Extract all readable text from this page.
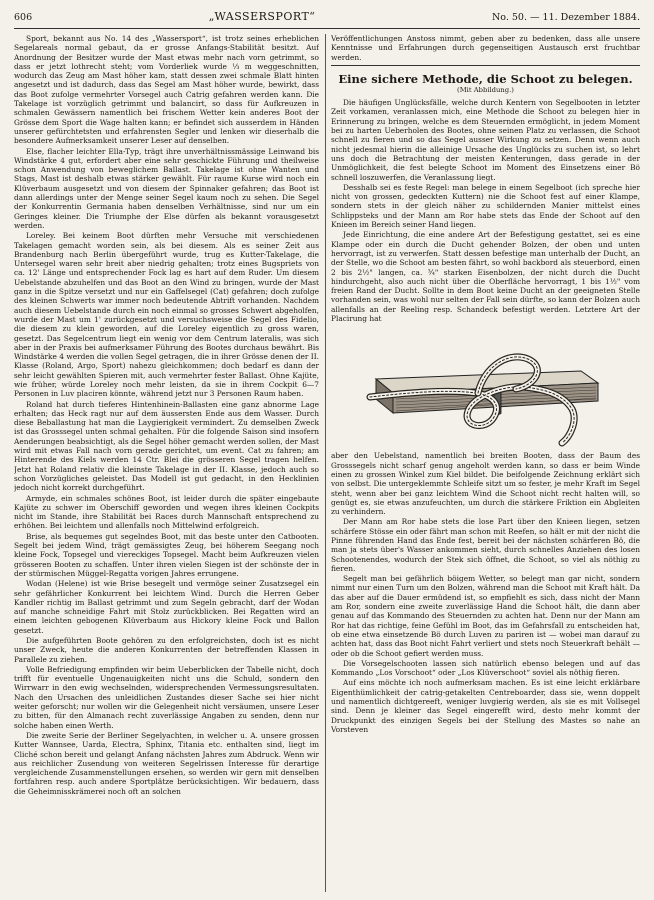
606	„WASSERSPORT“	No. 50. — 11. Dezember 1884.

Sport, bekannt aus No. 14 des „Wassersport“, ist trotz seines erheblichen Segelareals normal gebaut, da er grosse Anfangs-Stabilität besitzt. Auf Anordnung der Besitzer wurde der Mast etwas mehr nach vorn getrimmt, so dass er jetzt lothrecht steht; vom Vorderliek wurde ⅓ m weggeschnitten, wodurch das Zeug am Mast höher kam, statt dessen zwei schmale Blatt hinten angesetzt und ist dadurch, dass das Segel am Mast höher wurde, bewirkt, dass das Boot zufolge vermehrter Vorsegel auch Catrig gefahren werden kann. Die Takelage ist vorzüglich getrimmt und balancirt, so dass für Aufkreuzen in schmalen Gewässern namentlich bei frischem Wetter kein anderes Boot der Grösse dem Sport die Wage halten kann; er befindet sich ausserdem in Händen unserer gefürchtetsten und erfahrensten Segler und lenken wir dieserhalb die besondere Aufmerksamkeit unserer Leser auf denselben.

Else, flacher leichter Ella-Typ, trägt ihre unverhältnissmässige Leinwand bis Windstärke 4 gut, erfordert aber eine sehr geschickte Führung und theilweise schon Anwendung von beweglichem Ballast. Takelage ist ohne Wanten und Stags, Mast ist deshalb etwas stärker gewählt. Für raume Kurse wird noch ein Klüverbaum ausgesetzt und von diesem der Spinnaker gefahren; das Boot ist dann allerdings unter der Menge seiner Segel kaum noch zu sehen. Die Segel der Konkurrentin Germania haben denselben Verhältnisse, sind nur um ein Geringes kleiner. Die Triumphe der Else dürfen als bekannt vorausgesetzt werden.

Loreley. Bei keinem Boot dürften mehr Versuche mit verschiedenen Takelagen gemacht worden sein, als bei diesem. Als es seiner Zeit aus Brandenburg nach Berlin übergeführt wurde, trug es Kutter-Takelage, die Untersegel waren sehr breit aber niedrig gehalten; trotz eines Bugspriets von ca. 12' Länge und entsprechender Fock lag es hart auf dem Ruder. Um diesem Uebelstande abzuhelfen und das Boot an den Wind zu bringen, wurde der Mast ganz in die Spitze versetzt und nur ein Gaffelsegel (Cat) gefahren; doch zufolge des kleinen Schwerts war immer noch bedeutende Abtrift vorhanden. Nachdem auch diesem Uebelstande durch ein noch einmal so grosses Schwert abgeholfen, wurde der Mast um 1' zurückgesetzt und versuchsweise die Segel des Fidelio, die diesem zu klein geworden, auf die Loreley eigentlich zu gross waren, gesetzt. Das Segelcentrum liegt ein wenig vor dem Centrum lateralis, was sich aber in der Praxis bei aufmerksamer Führung des Bootes durchaus bewährt. Bis Windstärke 4 werden die vollen Segel getragen, die in ihrer Grösse denen der II. Klasse (Roland, Argo, Sport) nahezu gleichkommen; doch bedarf es dann der sehr leicht gewählten Spieren mit, auch vermehrter fester Ballast. Ohne Kajüte, wie früher, würde Loreley noch mehr leisten, da sie in ihrem Cockpit 6—7 Personen in Luv placiren könnte, während jetzt nur 3 Personen Raum haben.

Roland hat durch tieferes Hintenhinein-Ballasten eine ganz abnorme Lage erhalten; das Heck ragt nur auf dem äussersten Ende aus dem Wasser. Durch diese Beballastung hat man die Laygierigkeit vermindert. Zu demselben Zweck ist das Grosssegel unten schmal gehalten. Für die folgende Saison sind insofern Aenderungen beabsichtigt, als die Segel höher gemacht werden sollen, der Mast wird mit etwas Fall nach vorn gerade gerichtet, um event. Cat zu fahren; am Hinterende des Kiels werden 14 Ctr. Blei die grösseren Segel tragen helfen. Jetzt hat Roland relativ die kleinste Takelage in der II. Klasse, jedoch auch so schon Vorzügliches geleistet. Das Modell ist gut gedacht, in den Hecklinien jedoch nicht korrekt durchgeführt.

Armyde, ein schmales schönes Boot, ist leider durch die später eingebaute Kajüte zu schwer im Oberschiff geworden und wegen ihres kleinen Cockpits nicht im Stande, ihre Stabilität bei Races durch Mannschaft entsprechend zu erhöhen. Bei leichtem und allenfalls noch Mittelwind erfolgreich.

Brise, als bequemes gut segelndes Boot, mit das beste unter den Catbooten. Segelt bei jedem Wind, trägt gemässigtes Zeug, bei höherem Seegang noch kleine Fock, Topsegel und viereckiges Topsegel. Macht beim Aufkreuzen vielen grösseren Booten zu schaffen. Unter ihren vielen Siegen ist der schönste der in der stürmischen Müggel-Regatta vorigen Jahres errungene.

Wodan (Helene) ist wie Brise besegelt und vermöge seiner Zusatzsegel ein sehr gefährlicher Konkurrent bei leichtem Wind. Durch die Herren Geber Kandler richtig im Ballast getrimmt und zum Segeln gebracht, darf der Wodan auf manche schneidige Fahrt mit Stolz zurückblicken. Bei Regatten wird an einem leichten gebogenen Klüverbaum aus Hickory kleine Fock und Ballon gesetzt.

Die aufgeführten Boote gehören zu den erfolgreichsten, doch ist es nicht unser Zweck, heute die anderen Konkurrenten der betreffenden Klassen in Parallele zu ziehen.

Volle Befriedigung empfinden wir beim Ueberblicken der Tabelle nicht, doch trifft für eventuelle Ungenauigkeiten nicht uns die Schuld, sondern den Wirrwarr in den ewig wechselnden, widersprechenden Vermessungsresultaten. Nach den Ursachen des unleidlichen Zustandes dieser Sache sei hier nicht weiter geforscht; nur wollen wir die Gelegenheit nicht versäumen, unsere Leser zu bitten, für den Almanach recht zuverlässige Angaben zu senden, denn nur solche haben einen Werth.

Die zweite Serie der Berliner Segelyachten, in welcher u. A. unsere grossen Kutter Wannsee, Uarda, Electra, Sphinx, Titania etc. enthalten sind, liegt im Cliché schon bereit und gelangt Anfang nächsten Jahres zum Abdruck. Wenn wir aus reichlicher Zusendung von weiteren Segelrissen Interesse für derartige vergleichende Zusammenstellungen ersehen, so werden wir gern mit denselben fortfahren resp. auch andere Sportplätze berücksichtigen. Wir bedauern, dass die Geheimnisskrämerei noch oft an solchen

Veröffentlichungen Anstoss nimmt, geben aber zu bedenken, dass alle unsere Kenntnisse und Erfahrungen durch gegenseitigen Austausch erst fruchtbar werden.

Eine sichere Methode, die Schoot zu belegen.

(Mit Abbildung.)

Die häufigen Unglücksfälle, welche durch Kentern von Segelbooten in letzter Zeit vorkamen, veranlassen mich, eine Methode die Schoot zu belegen hier in Erinnerung zu bringen, welche es dem Steuernden ermöglicht, in jedem Moment bei zu harten Ueberholen des Bootes, ohne seinen Platz zu verlassen, die Schoot schnell zu fieren und so das Segel ausser Wirkung zu setzen. Denn wenn auch nicht jedesmal hierin die alleinige Ursache des Unglücks zu suchen ist, so lehrt uns doch die Betrachtung der meisten Kenterungen, dass gerade in der Unmöglichkeit, die fest belegte Schoot im Moment des Einsetzens einer Bö schnell loszuwerfen, die Veranlassung liegt.

Desshalb sei es feste Regel: man belege in einem Segelboot (ich spreche hier nicht von grossen, gedeckten Kuttern) nie die Schoot fest auf einer Klampe, sondern stets in der gleich näher zu schildernden Manier mittelst eines Schlippsteks und der Mann am Ror habe stets das Ende der Schoot auf den Knieen im Bereich seiner Hand liegen.

Jede Einrichtung, die eine andere Art der Befestigung gestattet, sei es eine Klampe oder ein durch die Ducht gehender Bolzen, der oben und unten hervorragt, ist zu verwerfen. Statt dessen befestige man unterhalb der Ducht, an der Stelle, wo die Schoot am besten fährt, so wohl backbord als steuerbord, einen 2 bis 2½" langen, ca. ¾" starken Eisenbolzen, der nicht durch die Ducht hindurchgeht, also auch nicht über die Oberfläche hervorragt, 1 bis 1½" vom freien Rand der Ducht. Sollte in dem Boot keine Ducht an der geeigneten Stelle vorhanden sein, was wohl nur selten der Fall sein dürfte, so kann der Bolzen auch allenfalls an der Reeling resp. Schandeck befestigt werden. Letztere Art der Placirung hat

aber den Uebelstand, namentlich bei breiten Booten, dass der Baum des Grosssegels nicht scharf genug angeholt werden kann, so dass er beim Winde einen zu grossen Winkel zum Kiel bildet. Die beifolgende Zeichnung erklärt sich von selbst. Die untergeklemmte Schleife sitzt um so fester, je mehr Kraft im Segel steht, wenn aber bei ganz leichtem Wind die Schoot nicht recht halten will, so genügt es, sie etwas anzufeuchten, um durch die stärkere Friktion ein Abgleiten zu verhindern.

Der Mann am Ror habe stets die lose Part über den Knieen liegen, setzen schärfere Stösse ein oder fährt man schon mit Reefen, so hält er mit der nicht die Pinne führenden Hand das Ende fest, bereit bei der nächsten schärferen Bö, die man ja stets über's Wasser ankommen sieht, durch schnelles Anziehen des losen Schootenendes, wodurch der Stek sich öffnet, die Schoot, so viel als nöthig zu fieren.

Segelt man bei gefährlich böigem Wetter, so belegt man gar nicht, sondern nimmt nur einen Turn um den Bolzen, während man die Schoot mit Kraft hält. Da das aber auf die Dauer ermüdend ist, so empfiehlt es sich, dass nicht der Mann am Ror, sondern eine zweite zuverlässige Hand die Schoot hält, die dann aber genau auf das Kommando des Steuernden zu achten hat. Denn nur der Mann am Ror hat das richtige, feine Gefühl im Boot, das im Gefahrsfall zu entscheiden hat, ob eine etwa einsetzende Bö durch Luven zu pariren ist — wobei man darauf zu achten hat, dass das Boot nicht Fahrt verliert und stets noch Steuerkraft behält — oder ob die Schoot gefiert werden muss.

Die Vorsegelschooten lassen sich natürlich ebenso belegen und auf das Kommando „Los Vorschoot“ oder „Los Klüverschoot“ soviel als nöthig fieren.

Auf eins möchte ich noch aufmerksam machen. Es ist eine leicht erklärbare Eigenthümlichkeit der catrig-getakelten Centreboarder, dass sie, wenn doppelt und namentlich dichtgereeft, weniger luvgierig werden, als sie es mit Vollsegel sind. Denn je kleiner das Segel eingerefft wird, desto mehr kommt der Druckpunkt des einzigen Segels bei der Stellung des Mastes so nahe an Vorsteven
